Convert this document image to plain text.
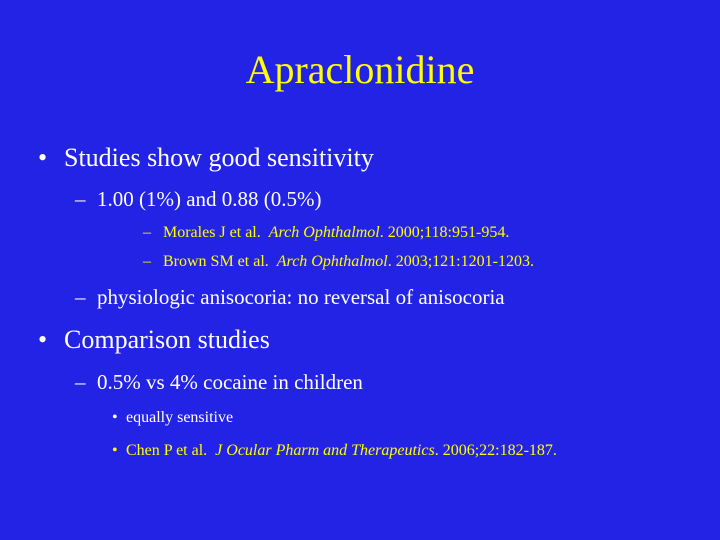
Apraclonidine
• Studies show good sensitivity
– 1.00 (1%) and 0.88 (0.5%)
– Morales J et al. Arch Ophthalmol. 2000;118:951-954.
– Brown SM et al. Arch Ophthalmol. 2003;121:1201-1203.
– physiologic anisocoria: no reversal of anisocoria
• Comparison studies
– 0.5% vs 4% cocaine in children
• equally sensitive
• Chen P et al. J Ocular Pharm and Therapeutics. 2006;22:182-187.
